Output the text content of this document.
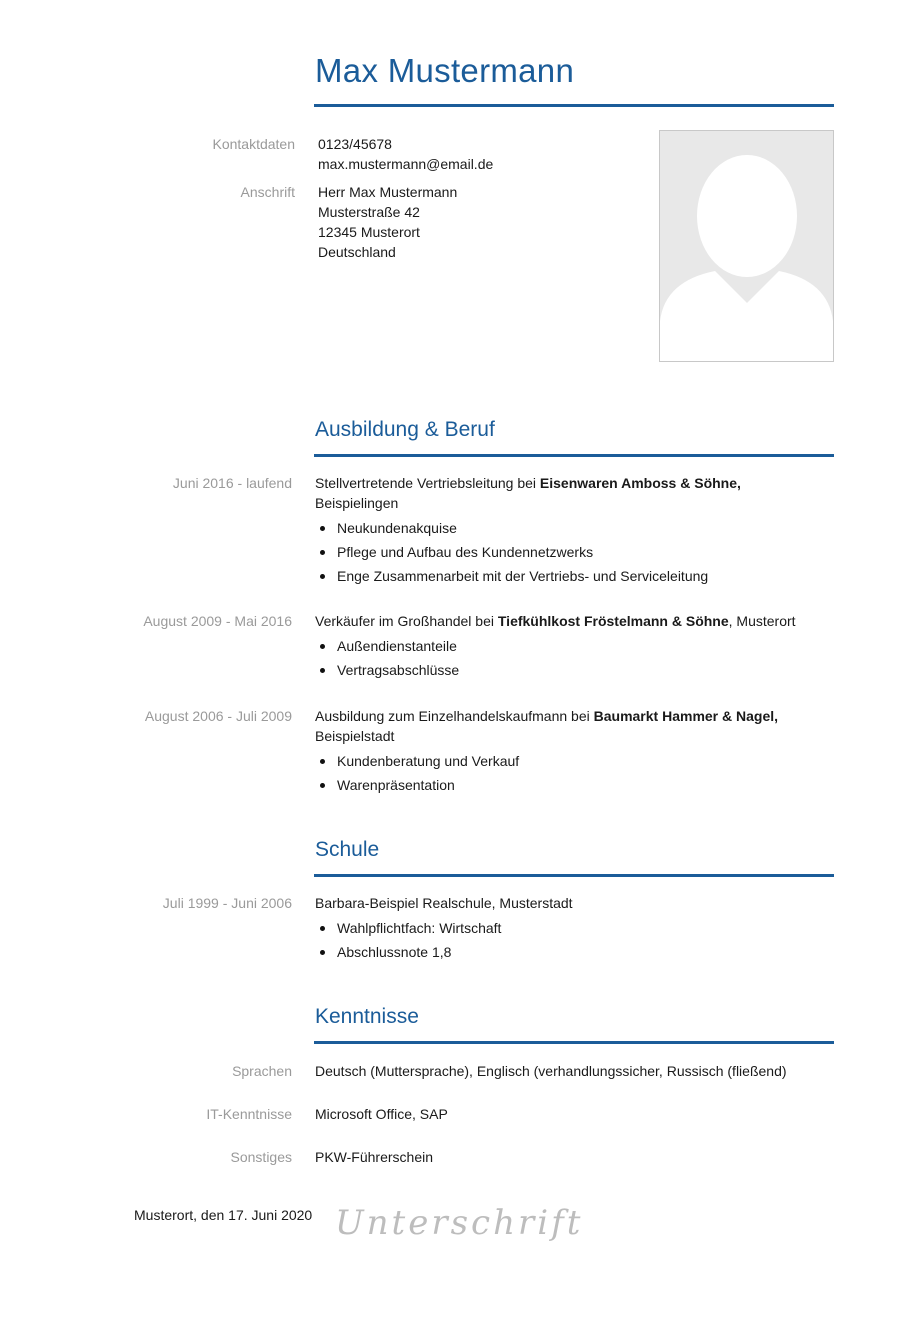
Max Mustermann
Kontaktdaten 0123/45678
max.mustermann@email.de
Anschrift Herr Max Mustermann
Musterstraße 42
12345 Musterort
Deutschland
Ausbildung & Beruf
Juni 2016 - laufend Stellvertretende Vertriebsleitung bei Eisenwaren Amboss & Söhne,
Beispielingen
Neukundenakquise
Pflege und Aufbau des Kundennetzwerks
Enge Zusammenarbeit mit der Vertriebs- und Serviceleitung
August 2009 - Mai 2016 Verkäufer im Großhandel bei Tiefkühlkost Fröstelmann & Söhne, Musterort
Außendienstanteile
Vertragsabschlüsse
August 2006 - Juli 2009 Ausbildung zum Einzelhandelskaufmann bei Baumarkt Hammer & Nagel,
Beispielstadt
Kundenberatung und Verkauf
Warenpräsentation
Schule
Juli 1999 - Juni 2006 Barbara-Beispiel Realschule, Musterstadt
Wahlpflichtfach: Wirtschaft
Abschlussnote 1,8
Kenntnisse
Sprachen Deutsch (Muttersprache), Englisch (verhandlungssicher, Russisch (fließend)
IT-Kenntnisse Microsoft Office, SAP
Sonstiges PKW-Führerschein
Musterort, den 17. Juni 2020 Unterschrift
